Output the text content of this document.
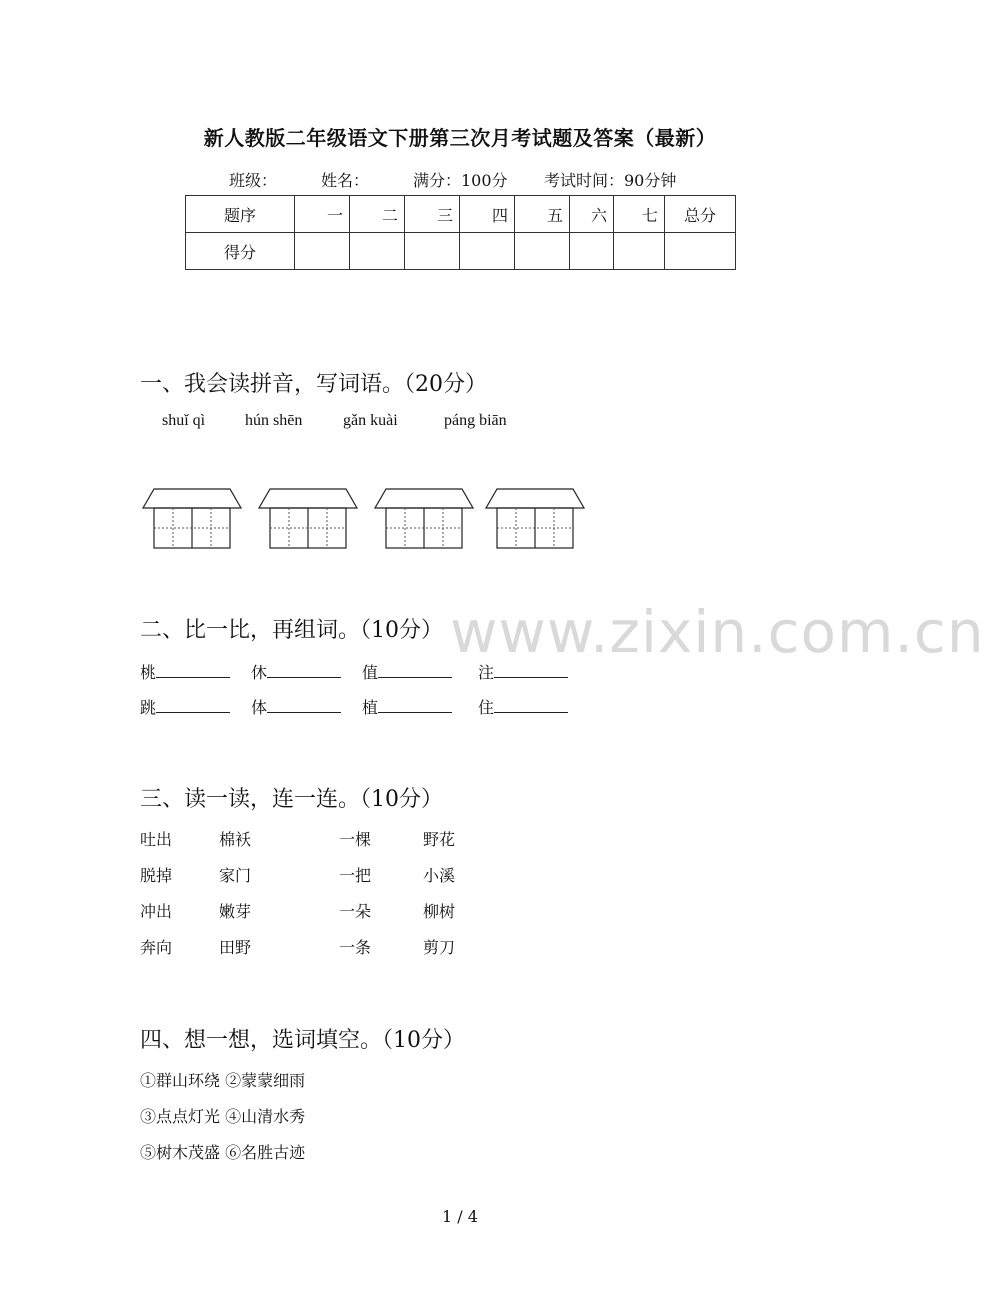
新人教版二年级语文下册第三次月考试题及答案（最新）
班级：	姓名：	满分：100分 考试时间：90分钟
题序	一	二	三	四	五	六	七	总分
得分								
一、我会读拼音，写词语。（20分）
shuǐ qì hún shēn	gǎn kuài	páng biān
www.zixin.com.cn
二、比一比，再组词。（10分）
桃	休	值	注
跳	体	植	住
三、读一读，连一连。（10分）
吐出	棉袄	一棵	野花
脱掉	家门	一把	小溪
冲出	嫩芽	一朵	柳树
奔向	田野	一条	剪刀
四、想一想，选词填空。（10分）
①群山环绕 ②蒙蒙细雨
③点点灯光 ④山清水秀
⑤树木茂盛 ⑥名胜古迹
1 / 4
